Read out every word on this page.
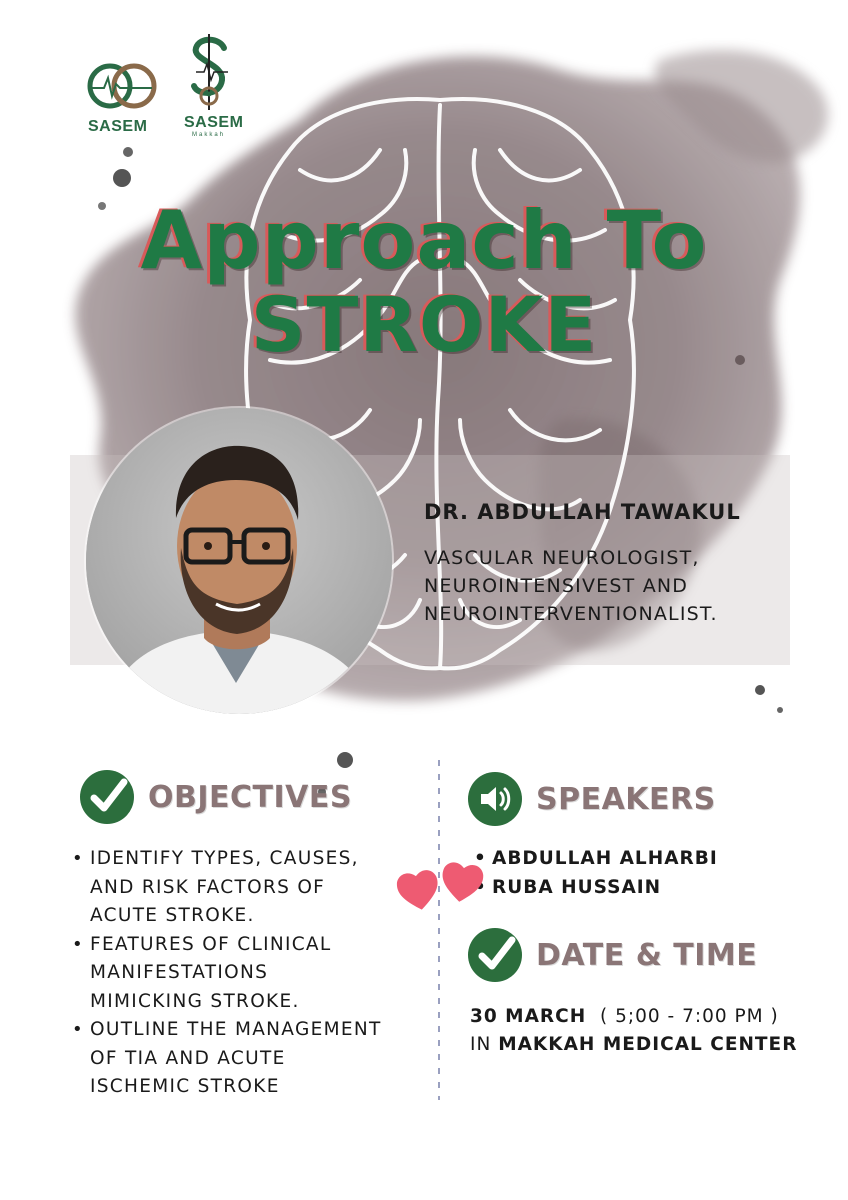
SASEM SASEM
Makkah
Approach To
STROKE
DR. ABDULLAH TAWAKUL
VASCULAR NEUROLOGIST,
NEUROINTENSIVEST AND
NEUROINTERVENTIONALIST.
OBJECTIVES
• IDENTIFY TYPES, CAUSES,
AND RISK FACTORS OF
ACUTE STROKE.
• FEATURES OF CLINICAL
MANIFESTATIONS
MIMICKING STROKE.
• OUTLINE THE MANAGEMENT
OF TIA AND ACUTE
ISCHEMIC STROKE
SPEAKERS
• ABDULLAH ALHARBI
• RUBA HUSSAIN
DATE & TIME
30 MARCH ( 5;00 - 7:00 PM )
IN MAKKAH MEDICAL CENTER
